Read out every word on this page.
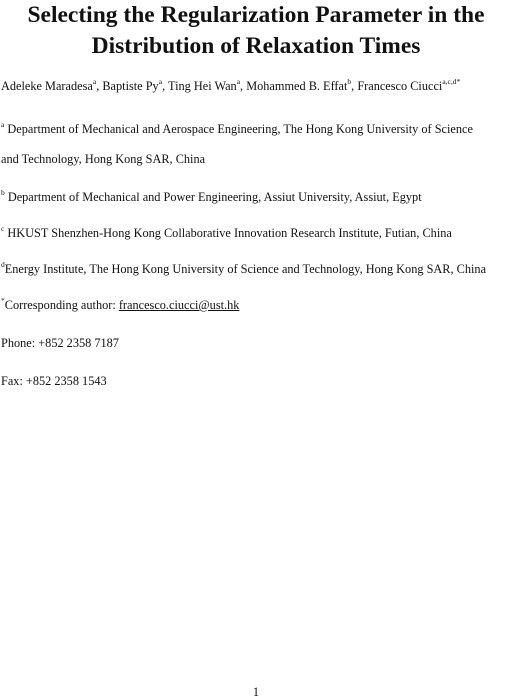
Selecting the Regularization Parameter in the
Distribution of Relaxation Times
Adeleke Maradesa$^a$, Baptiste Py$^a$, Ting Hei Wan$^a$, Mohammed B. Effat$^b$, Francesco Ciucci$^{a,c,d*}$
$^a$ Department of Mechanical and Aerospace Engineering, The Hong Kong University of Science
and Technology, Hong Kong SAR, China
$^b$ Department of Mechanical and Power Engineering, Assiut University, Assiut, Egypt
$^c$ HKUST Shenzhen-Hong Kong Collaborative Innovation Research Institute, Futian, China
$^d$Energy Institute, The Hong Kong University of Science and Technology, Hong Kong SAR, China
*Corresponding author: francesco.ciucci@ust.hk
Phone: +852 2358 7187
Fax: +852 2358 1543
1
